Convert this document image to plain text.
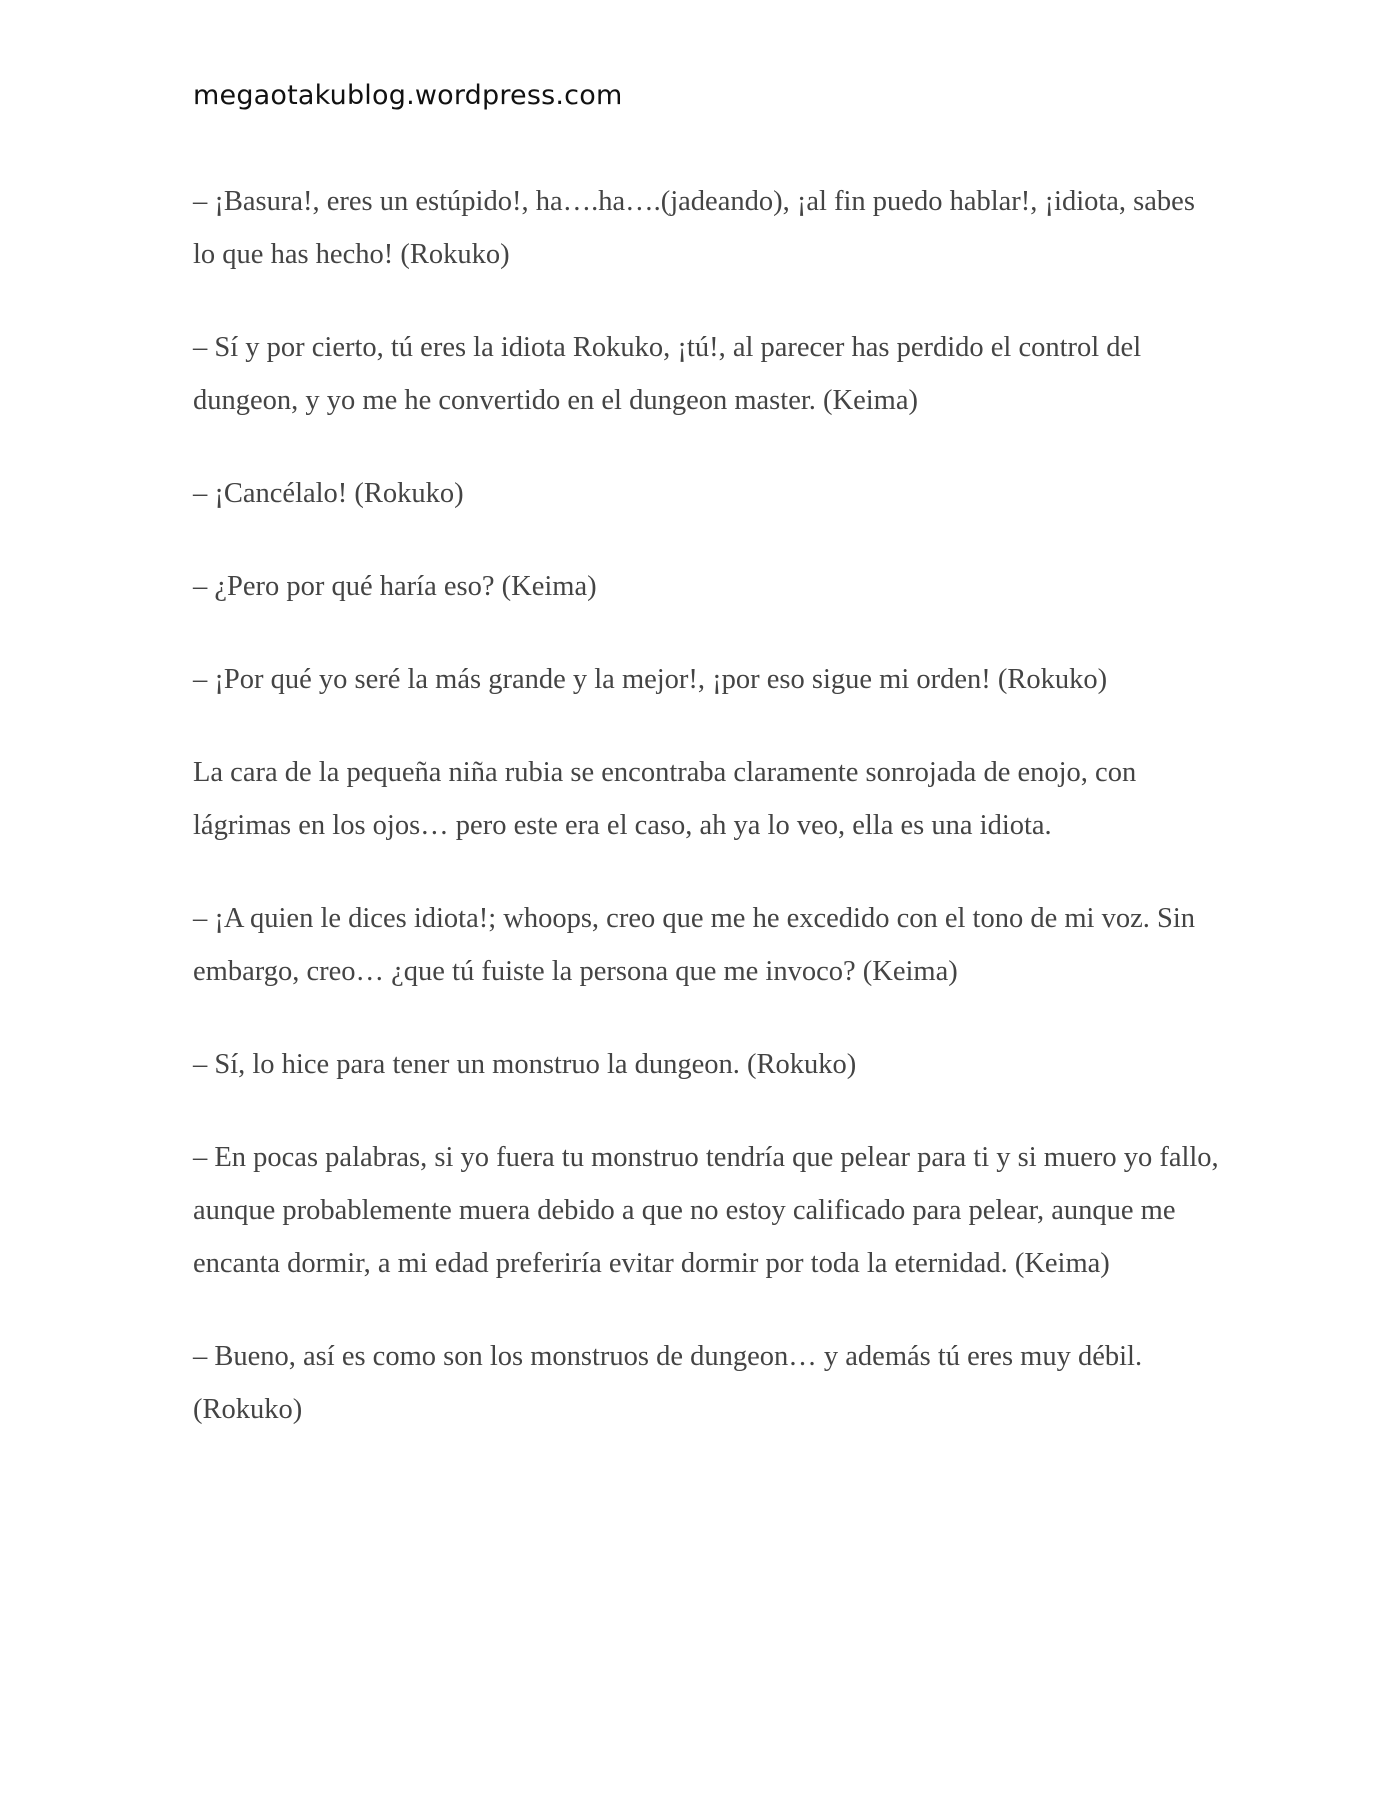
megaotakublog.wordpress.com

– ¡Basura!, eres un estúpido!, ha….ha….(jadeando), ¡al fin puedo hablar!, ¡idiota, sabes lo que has hecho! (Rokuko)

– Sí y por cierto, tú eres la idiota Rokuko, ¡tú!, al parecer has perdido el control del dungeon, y yo me he convertido en el dungeon master. (Keima)

– ¡Cancélalo! (Rokuko)

– ¿Pero por qué haría eso? (Keima)

– ¡Por qué yo seré la más grande y la mejor!, ¡por eso sigue mi orden! (Rokuko)

La cara de la pequeña niña rubia se encontraba claramente sonrojada de enojo, con lágrimas en los ojos… pero este era el caso, ah ya lo veo, ella es una idiota.

– ¡A quien le dices idiota!; whoops, creo que me he excedido con el tono de mi voz. Sin embargo, creo… ¿que tú fuiste la persona que me invoco? (Keima)

– Sí, lo hice para tener un monstruo la dungeon. (Rokuko)

– En pocas palabras, si yo fuera tu monstruo tendría que pelear para ti y si muero yo fallo, aunque probablemente muera debido a que no estoy calificado para pelear, aunque me encanta dormir, a mi edad preferiría evitar dormir por toda la eternidad. (Keima)

– Bueno, así es como son los monstruos de dungeon… y además tú eres muy débil. (Rokuko)
